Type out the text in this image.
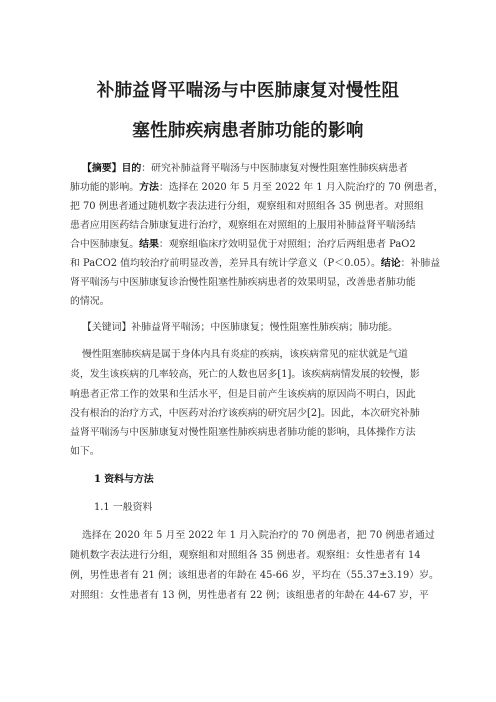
补肺益肾平喘汤与中医肺康复对慢性阻
塞性肺疾病患者肺功能的影响

【摘要】目的：研究补肺益肾平喘汤与中医肺康复对慢性阻塞性肺疾病患者

肺功能的影响。方法：选择在 2020 年 5 月至 2022 年 1 月入院治疗的 70 例患者，

把 70 例患者通过随机数字表法进行分组，观察组和对照组各 35 例患者。对照组

患者应用医药结合肺康复进行治疗，观察组在对照组的上服用补肺益肾平喘汤结

合中医肺康复。结果：观察组临床疗效明显优于对照组；治疗后两组患者 PaO2

和 PaCO2 值均较治疗前明显改善，差异具有统计学意义（P＜0.05）。结论：补肺益

肾平喘汤与中医肺康复诊治慢性阻塞性肺疾病患者的效果明显，改善患者肺功能

的情况。

【关键词】补肺益肾平喘汤；中医肺康复；慢性阻塞性肺疾病；肺功能。

慢性阻塞肺疾病是属于身体内具有炎症的疾病，该疾病常见的症状就是气道

炎，发生该疾病的几率较高，死亡的人数也居多[1]。该疾病病情发展的较慢，影

响患者正常工作的效果和生活水平，但是目前产生该疾病的原因尚不明白，因此

没有根治的治疗方式，中医药对治疗该疾病的研究居少[2]。因此，本次研究补肺

益肾平喘汤与中医肺康复对慢性阻塞性肺疾病患者肺功能的影响，具体操作方法

如下。

1 资料与方法

1.1 一般资料

选择在 2020 年 5 月至 2022 年 1 月入院治疗的 70 例患者，把 70 例患者通过

随机数字表法进行分组，观察组和对照组各 35 例患者。观察组：女性患者有 14

例，男性患者有 21 例；该组患者的年龄在 45-66 岁，平均在（55.37±3.19）岁。

对照组：女性患者有 13 例，男性患者有 22 例；该组患者的年龄在 44-67 岁，平
